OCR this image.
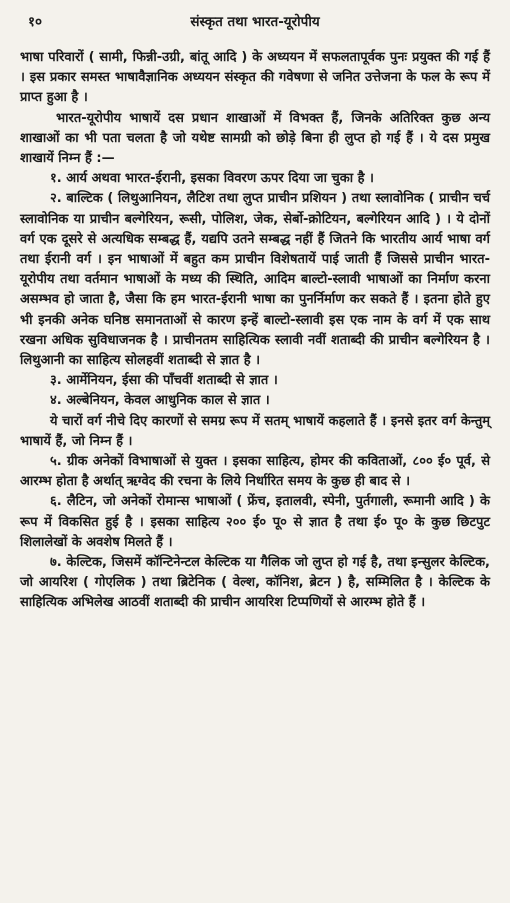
१०	संस्कृत तथा भारत-यूरोपीय

भाषा परिवारों ( सामी, फिन्नी-उग्री, बांतू आदि ) के अध्ययन में सफलतापूर्वक पुनः प्रयुक्त की गई हैं । इस प्रकार समस्त भाषावैज्ञानिक अध्ययन संस्कृत की गवेषणा से जनित उत्तेजना के फल के रूप में प्राप्त हुआ है ।

भारत-यूरोपीय भाषायें दस प्रधान शाखाओं में विभक्त हैं, जिनके अतिरिक्त कुछ अन्य शाखाओं का भी पता चलता है जो यथेष्ट सामग्री को छोड़े बिना ही लुप्त हो गई हैं । ये दस प्रमुख शाखायें निम्न हैं :—

१. आर्य अथवा भारत-ईरानी, इसका विवरण ऊपर दिया जा चुका है ।

२. बाल्टिक ( लिथुआनियन, लैटिश तथा लुप्त प्राचीन प्रशियन ) तथा स्लावोनिक ( प्राचीन चर्च स्लावोनिक या प्राचीन बल्गेरियन, रूसी, पोलिश, जेक, सेर्बो-क्रोटियन, बल्गेरियन आदि ) । ये दोनों वर्ग एक दूसरे से अत्यधिक सम्बद्ध हैं, यद्यपि उतने सम्बद्ध नहीं हैं जितने कि भारतीय आर्य भाषा वर्ग तथा ईरानी वर्ग । इन भाषाओं में बहुत कम प्राचीन विशेषतायें पाई जाती हैं जिससे प्राचीन भारत-यूरोपीय तथा वर्तमान भाषाओं के मध्य की स्थिति, आदिम बाल्टो-स्लावी भाषाओं का निर्माण करना असम्भव हो जाता है, जैसा कि हम भारत-ईरानी भाषा का पुनर्निर्माण कर सकते हैं । इतना होते हुए भी इनकी अनेक घनिष्ठ समानताओं से कारण इन्हें बाल्टो-स्लावी इस एक नाम के वर्ग में एक साथ रखना अधिक सुविधाजनक है । प्राचीनतम साहित्यिक स्लावी नवीं शताब्दी की प्राचीन बल्गेरियन है । लिथुआनी का साहित्य सोलहवीं शताब्दी से ज्ञात है ।

३. आर्मेनियन, ईसा की पाँचवीं शताब्दी से ज्ञात ।

४. अल्बेनियन, केवल आधुनिक काल से ज्ञात ।

ये चारों वर्ग नीचे दिए कारणों से समग्र रूप में सतम् भाषायें कहलाते हैं । इनसे इतर वर्ग केन्तुम् भाषायें हैं, जो निम्न हैं ।

५. ग्रीक अनेकों विभाषाओं से युक्त । इसका साहित्य, होमर की कविताओं, ८०० ई० पूर्व, से आरम्भ होता है अर्थात् ऋग्वेद की रचना के लिये निर्धारित समय के कुछ ही बाद से ।

६. लैटिन, जो अनेकों रोमान्स भाषाओं ( फ्रेंच, इतालवी, स्पेनी, पुर्तगाली, रूमानी आदि ) के रूप में विकसित हुई है । इसका साहित्य २०० ई० पू० से ज्ञात है तथा ई० पू० के कुछ छिटपुट शिलालेखों के अवशेष मिलते हैं ।

७. केल्टिक, जिसमें कॉन्टिनेन्टल केल्टिक या गैलिक जो लुप्त हो गई है, तथा इन्सुलर केल्टिक, जो आयरिश ( गोएलिक ) तथा ब्रिटेनिक ( वेल्श, कॉनिश, ब्रेटन ) है, सम्मिलित है । केल्टिक के साहित्यिक अभिलेख आठवीं शताब्दी की प्राचीन आयरिश टिप्पणियों से आरम्भ होते हैं ।
